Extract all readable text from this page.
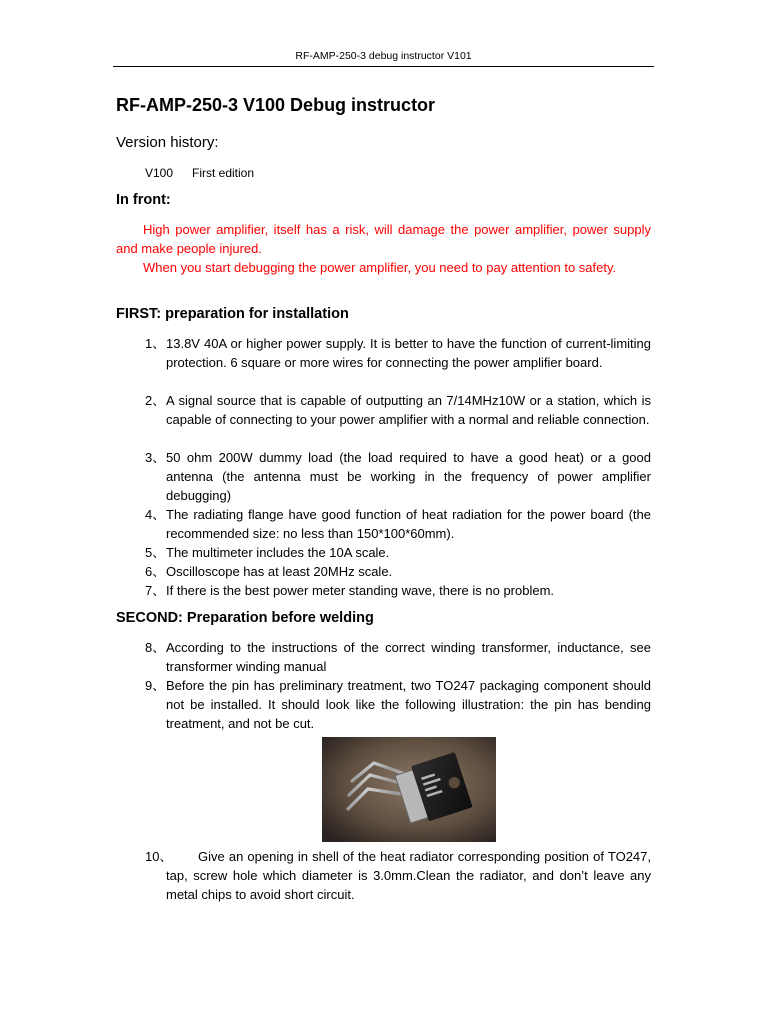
RF-AMP-250-3 debug instructor V101
RF-AMP-250-3 V100 Debug instructor
Version history:
V100 First edition
In front:
High power amplifier, itself has a risk, will damage the power amplifier, power supply and make people injured.
When you start debugging the power amplifier, you need to pay attention to safety.
FIRST: preparation for installation
1、 13.8V 40A or higher power supply. It is better to have the function of current-limiting protection. 6 square or more wires for connecting the power amplifier board.
2、 A signal source that is capable of outputting an 7/14MHz10W or a station, which is capable of connecting to your power amplifier with a normal and reliable connection.
3、 50 ohm 200W dummy load (the load required to have a good heat) or a good antenna (the antenna must be working in the frequency of power amplifier debugging)
4、 The radiating flange have good function of heat radiation for the power board (the recommended size: no less than 150*100*60mm).
5、 The multimeter includes the 10A scale.
6、 Oscilloscope has at least 20MHz scale.
7、 If there is the best power meter standing wave, there is no problem.
SECOND: Preparation before welding
8、 According to the instructions of the correct winding transformer, inductance, see transformer winding manual
9、 Before the pin has preliminary treatment, two TO247 packaging component should not be installed. It should look like the following illustration: the pin has bending treatment, and not be cut.
10、	Give an opening in shell of the heat radiator corresponding position of TO247, tap, screw hole which diameter is 3.0mm.Clean the radiator, and don’t leave any metal chips to avoid short circuit.
